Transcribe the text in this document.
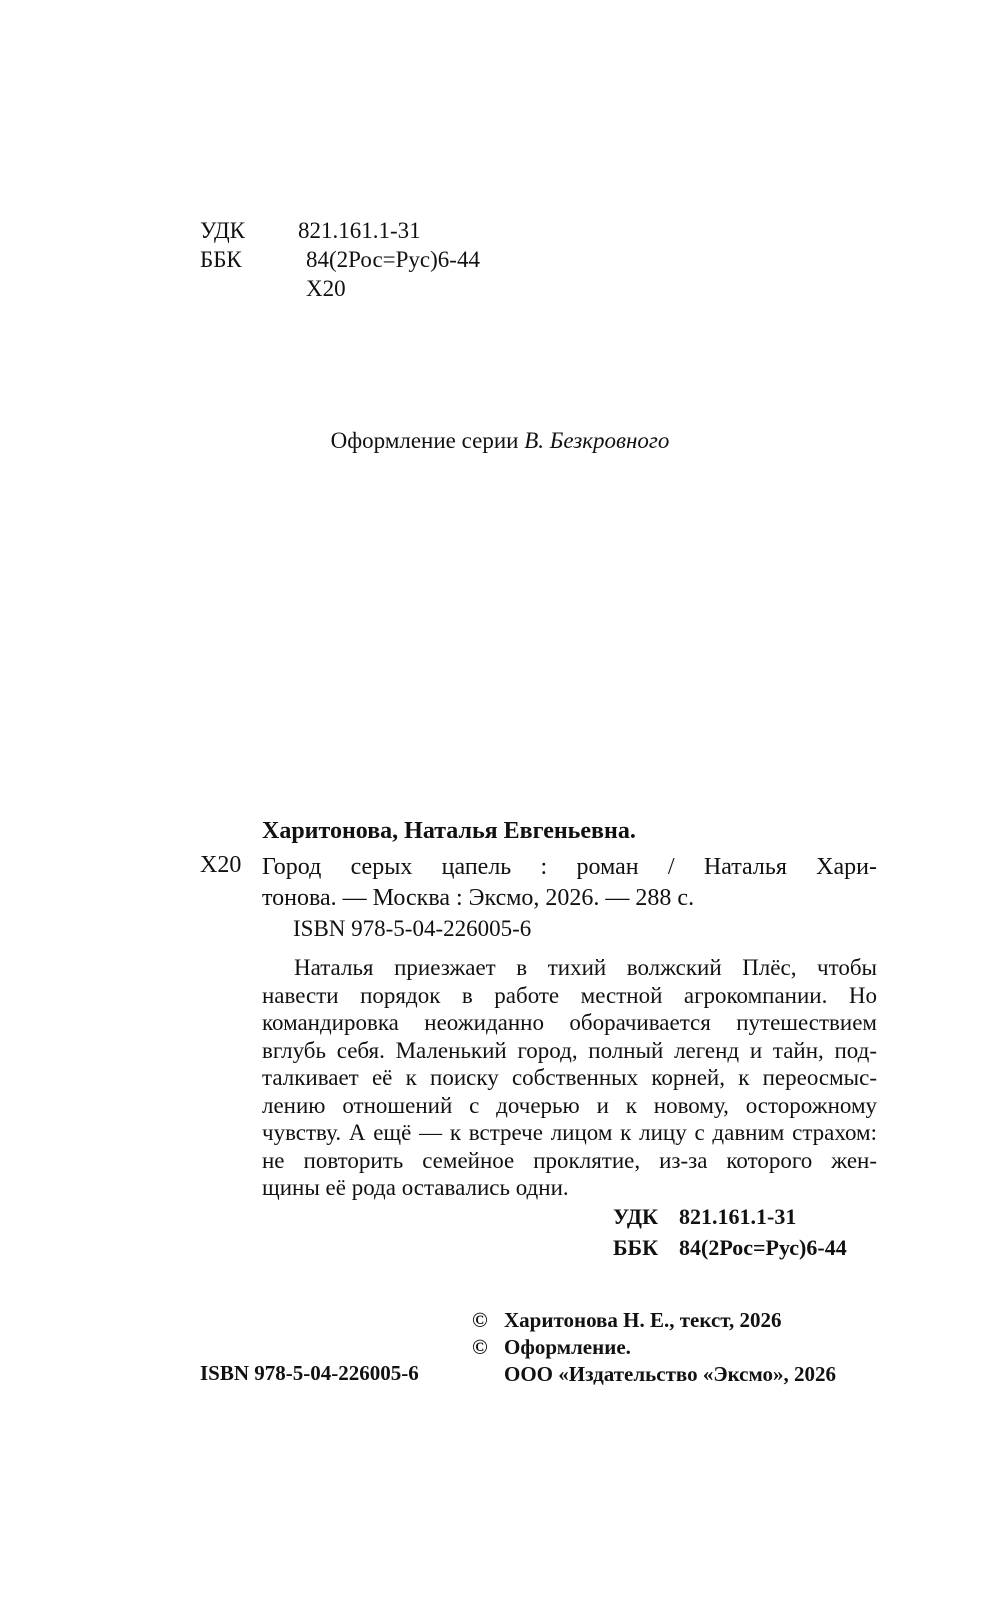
УДК 821.161.1-31
ББК	84(2Рос=Рус)6-44
Х20
Оформление серии В. Безкровного
Харитонова, Наталья Евгеньевна.
Х20 Город серых цапель : роман / Наталья Хари-
тонова. — Москва : Эксмо, 2026. — 288 с.
ISBN 978-5-04-226005-6
Наталья приезжает в тихий волжский Плёс, чтобы
навести порядок в работе местной агрокомпании. Но
командировка неожиданно оборачивается путешествием
вглубь себя. Маленький город, полный легенд и тайн, под-
талкивает её к поиску собственных корней, к переосмыс-
лению отношений с дочерью и к новому, осторожному
чувству. А ещё — к встрече лицом к лицу с давним страхом:
не повторить семейное проклятие, из-за которого жен-
щины её рода оставались одни.
УДК 821.161.1-31
ББК 84(2Рос=Рус)6-44
© Харитонова Н. Е., текст, 2026
© Оформление.
ООО «Издательство «Эксмо», 2026
ISBN 978-5-04-226005-6
